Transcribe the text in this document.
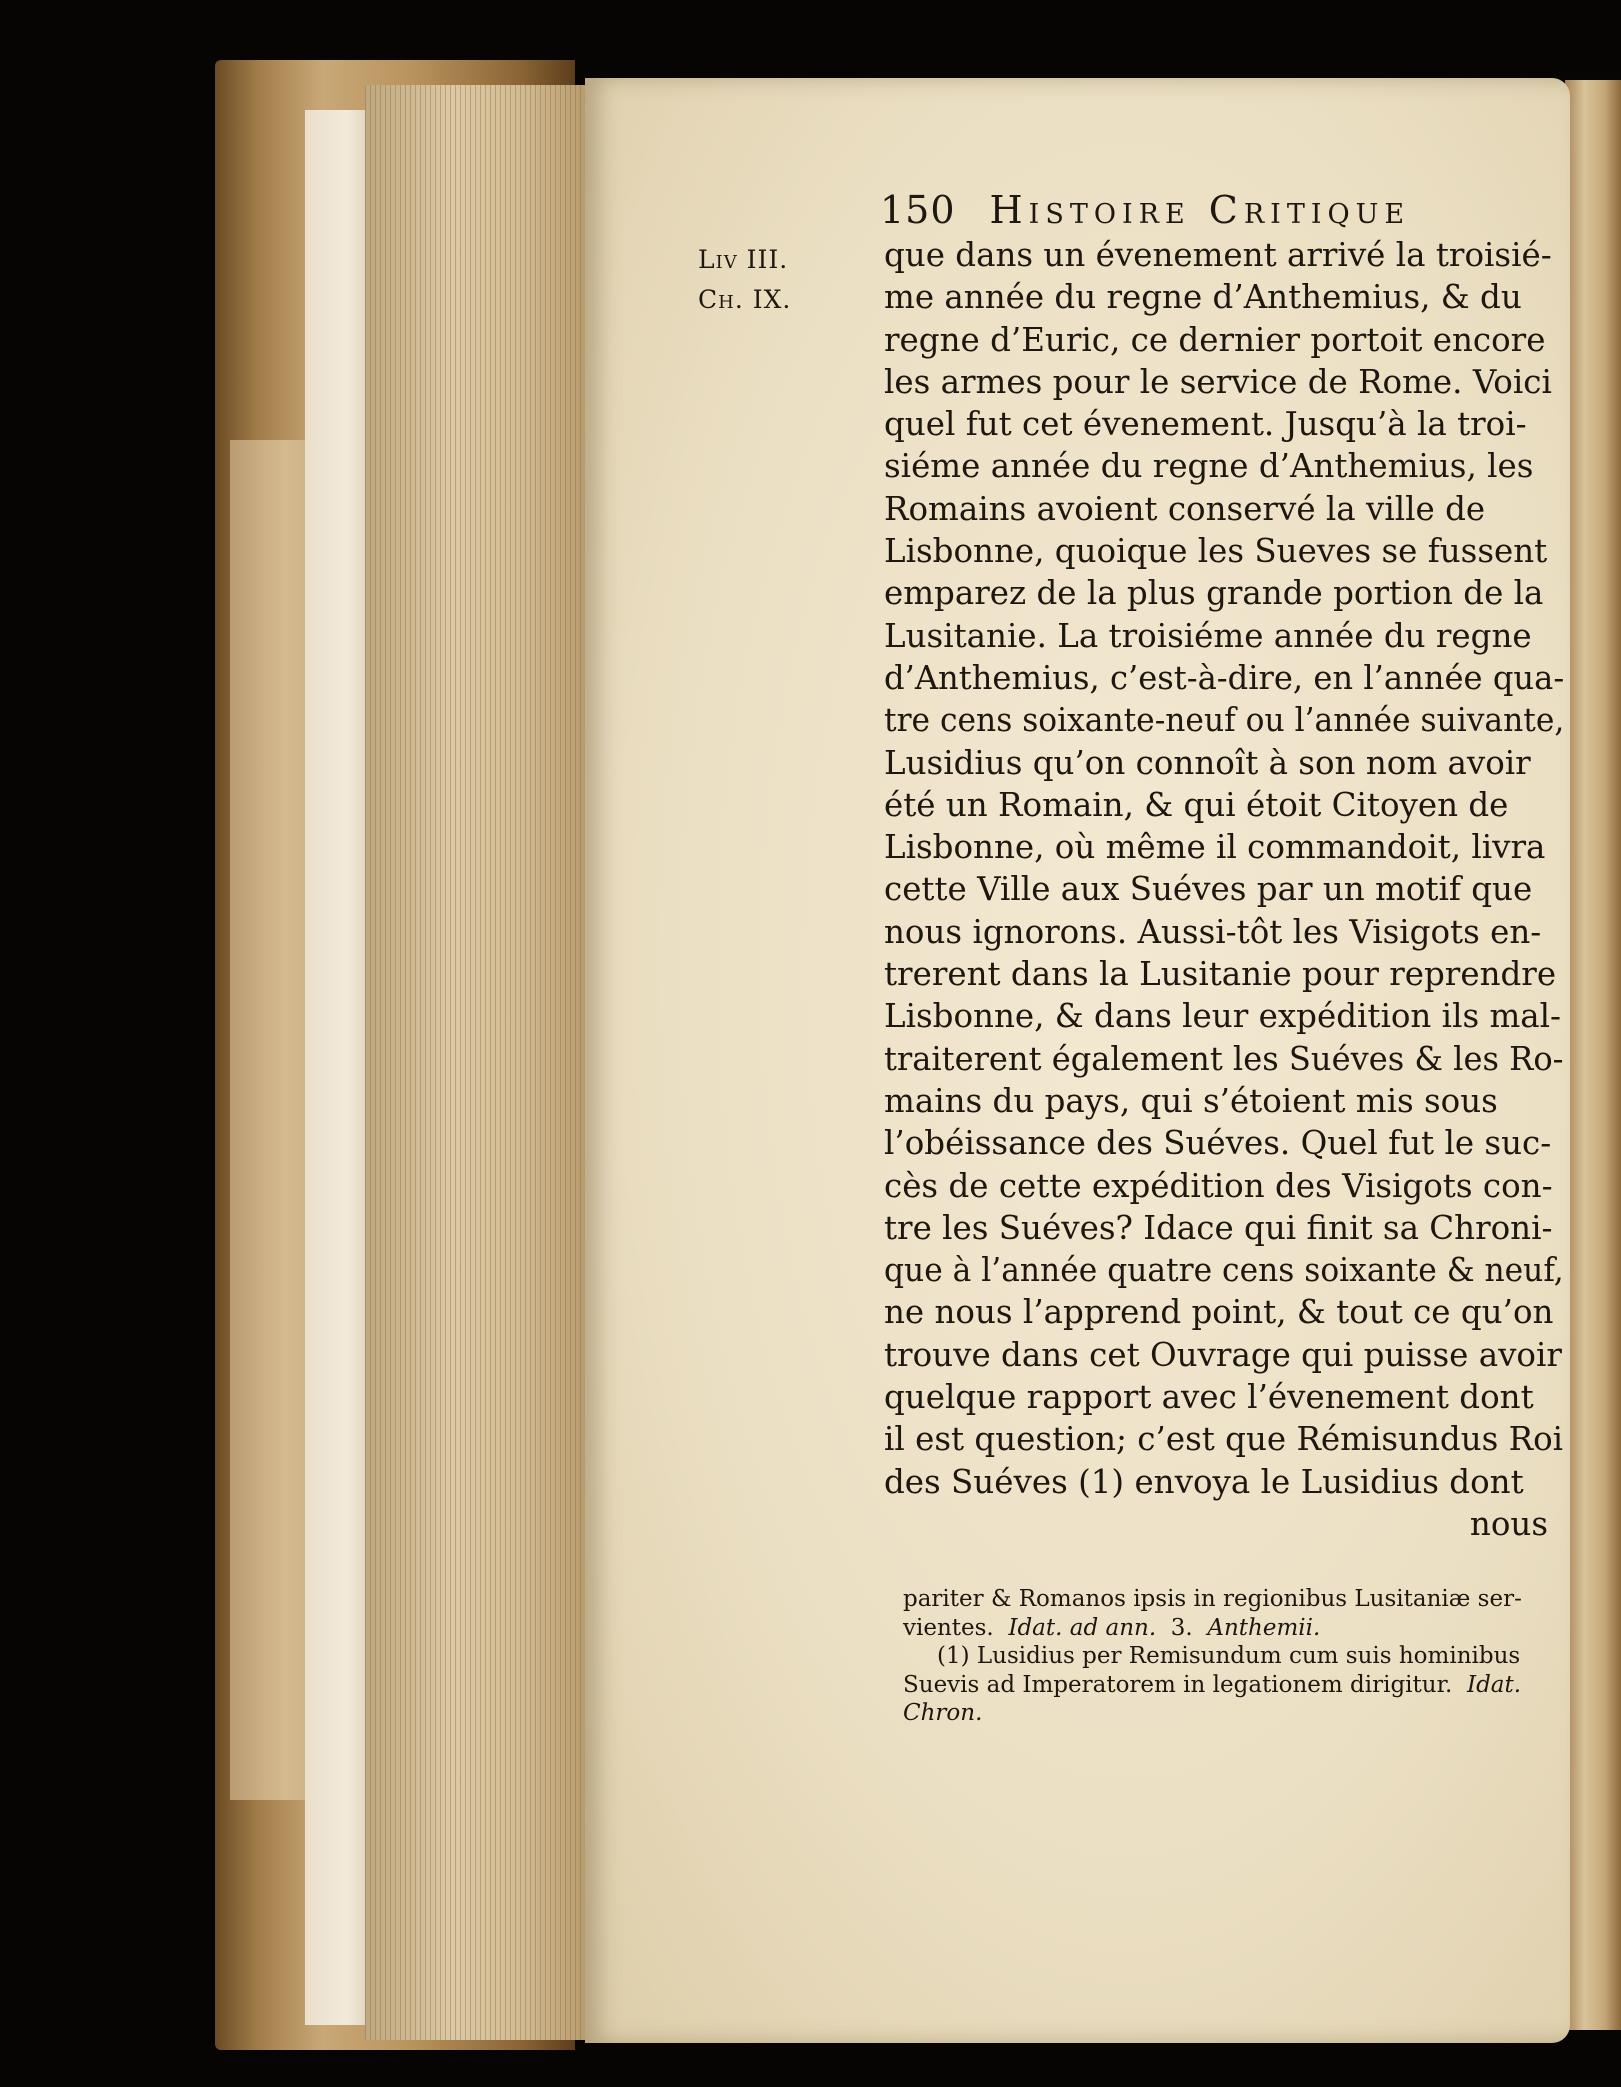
150 Histoire Critique
Liv III.
Ch. IX.
que dans un évenement arrivé la troisié-
me année du regne d’Anthemius, & du
regne d’Euric, ce dernier portoit encore
les armes pour le service de Rome. Voici
quel fut cet évenement. Jusqu’à la troi-
siéme année du regne d’Anthemius, les
Romains avoient conservé la ville de
Lisbonne, quoique les Sueves se fussent
emparez de la plus grande portion de la
Lusitanie. La troisiéme année du regne
d’Anthemius, c’est-à-dire, en l’année qua-
tre cens soixante-neuf ou l’année suivante,
Lusidius qu’on connoît à son nom avoir
été un Romain, & qui étoit Citoyen de
Lisbonne, où même il commandoit, livra
cette Ville aux Suéves par un motif que
nous ignorons. Aussi-tôt les Visigots en-
trerent dans la Lusitanie pour reprendre
Lisbonne, & dans leur expédition ils mal-
traiterent également les Suéves & les Ro-
mains du pays, qui s’étoient mis sous
l’obéissance des Suéves. Quel fut le suc-
cès de cette expédition des Visigots con-
tre les Suéves? Idace qui finit sa Chroni-
que à l’année quatre cens soixante & neuf,
ne nous l’apprend point, & tout ce qu’on
trouve dans cet Ouvrage qui puisse avoir
quelque rapport avec l’évenement dont
il est question; c’est que Rémisundus Roi
des Suéves (1) envoya le Lusidius dont
nous
pariter & Romanos ipsis in regionibus Lusitaniæ ser-
vientes. Idat. ad ann. 3. Anthemii.
(1) Lusidius per Remisundum cum suis hominibus
Suevis ad Imperatorem in legationem dirigitur. Idat.
Chron.
